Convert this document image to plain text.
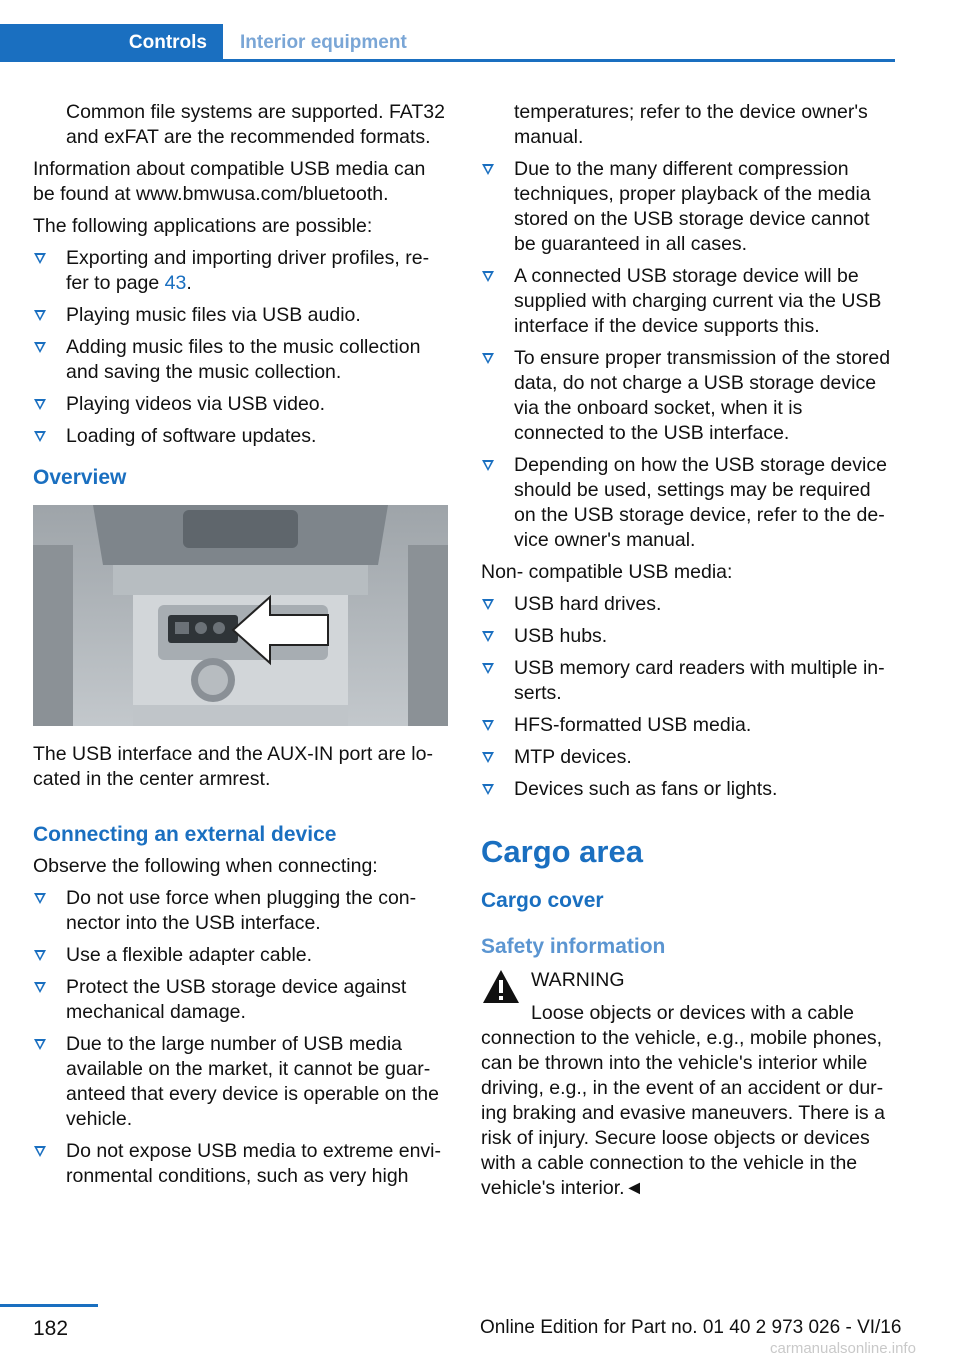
Controls	Interior equipment

Common file systems are supported. FAT32 and exFAT are the recommended formats.

Information about compatible USB media can be found at www.bmwusa.com/bluetooth.

The following applications are possible:

Exporting and importing driver profiles, re‐fer to page 43.
Playing music files via USB audio.
Adding music files to the music collection and saving the music collection.
Playing videos via USB video.
Loading of software updates.
Overview

The USB interface and the AUX-IN port are lo‐cated in the center armrest.

Connecting an external device

Observe the following when connecting:

Do not use force when plugging the con‐nector into the USB interface.
Use a flexible adapter cable.
Protect the USB storage device against mechanical damage.
Due to the large number of USB media available on the market, it cannot be guar‐anteed that every device is operable on the vehicle.
Do not expose USB media to extreme envi‐ronmental conditions, such as very high

temperatures; refer to the device owner's manual.

Due to the many different compression techniques, proper playback of the media stored on the USB storage device cannot be guaranteed in all cases.
A connected USB storage device will be supplied with charging current via the USB interface if the device supports this.
To ensure proper transmission of the stored data, do not charge a USB storage device via the onboard socket, when it is connected to the USB interface.
Depending on how the USB storage device should be used, settings may be required on the USB storage device, refer to the de‐vice owner's manual.

Non- compatible USB media:

USB hard drives.
USB hubs.
USB memory card readers with multiple in‐serts.
HFS-formatted USB media.
MTP devices.
Devices such as fans or lights.
Cargo area
Cargo cover
Safety information
WARNING
Loose objects or devices with a cable
connection to the vehicle, e.g., mobile phones, can be thrown into the vehicle's interior while driving, e.g., in the event of an accident or dur‐ing braking and evasive maneuvers. There is a risk of injury. Secure loose objects or devices with a cable connection to the vehicle in the vehicle's interior.◄
182	Online Edition for Part no. 01 40 2 973 026 - VI/16
carmanualsonline.info
